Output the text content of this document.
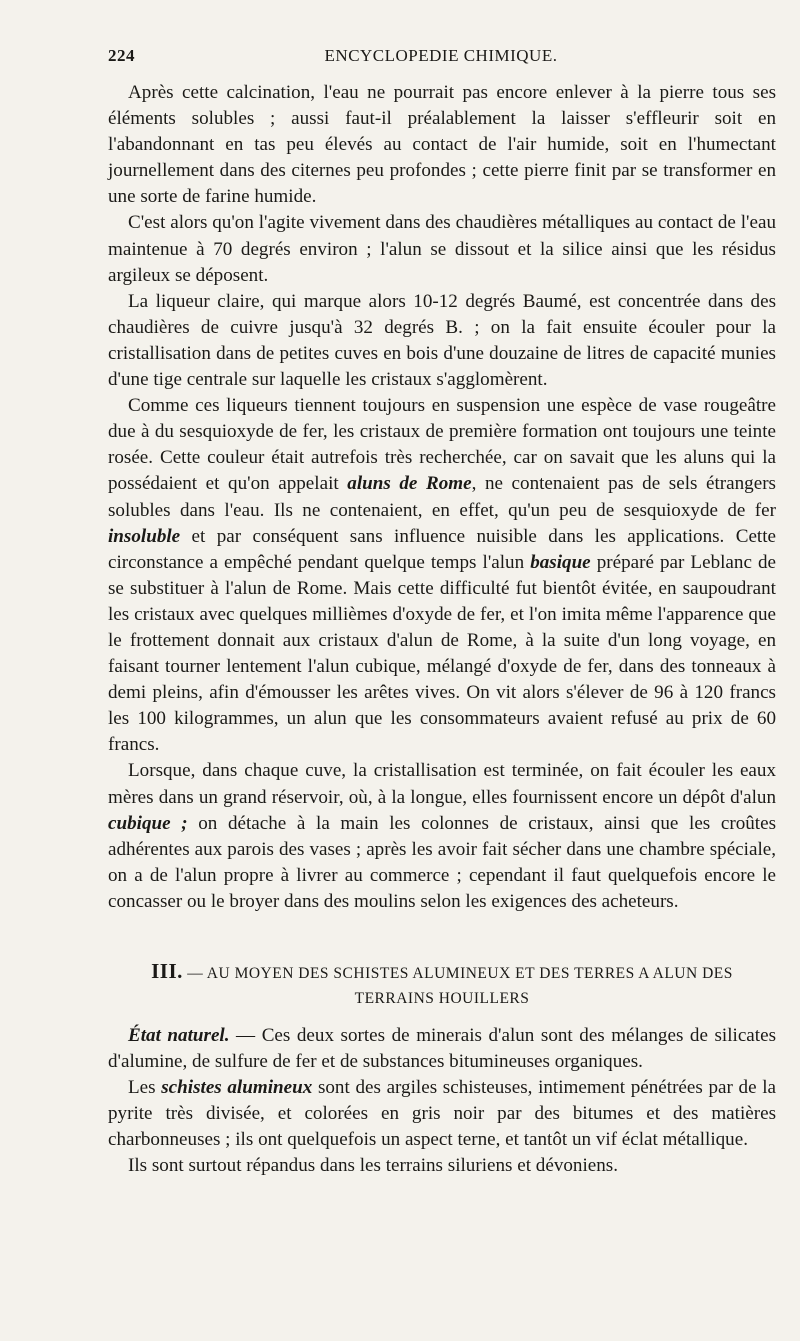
224	ENCYCLOPEDIE CHIMIQUE.

Après cette calcination, l'eau ne pourrait pas encore enlever à la pierre tous ses éléments solubles ; aussi faut-il préalablement la laisser s'effleurir soit en l'abandonnant en tas peu élevés au contact de l'air humide, soit en l'humectant journellement dans des citernes peu profondes ; cette pierre finit par se transformer en une sorte de farine humide.

C'est alors qu'on l'agite vivement dans des chaudières métalliques au contact de l'eau maintenue à 70 degrés environ ; l'alun se dissout et la silice ainsi que les résidus argileux se déposent.

La liqueur claire, qui marque alors 10-12 degrés Baumé, est concentrée dans des chaudières de cuivre jusqu'à 32 degrés B. ; on la fait ensuite écouler pour la cristallisation dans de petites cuves en bois d'une douzaine de litres de capacité munies d'une tige centrale sur laquelle les cristaux s'agglomèrent.

Comme ces liqueurs tiennent toujours en suspension une espèce de vase rougeâtre due à du sesquioxyde de fer, les cristaux de première formation ont toujours une teinte rosée. Cette couleur était autrefois très recherchée, car on savait que les aluns qui la possédaient et qu'on appelait aluns de Rome, ne contenaient pas de sels étrangers solubles dans l'eau. Ils ne contenaient, en effet, qu'un peu de sesquioxyde de fer insoluble et par conséquent sans influence nuisible dans les applications. Cette circonstance a empêché pendant quelque temps l'alun basique préparé par Leblanc de se substituer à l'alun de Rome. Mais cette difficulté fut bientôt évitée, en saupoudrant les cristaux avec quelques millièmes d'oxyde de fer, et l'on imita même l'apparence que le frottement donnait aux cristaux d'alun de Rome, à la suite d'un long voyage, en faisant tourner lentement l'alun cubique, mélangé d'oxyde de fer, dans des tonneaux à demi pleins, afin d'émousser les arêtes vives. On vit alors s'élever de 96 à 120 francs les 100 kilogrammes, un alun que les consommateurs avaient refusé au prix de 60 francs.

Lorsque, dans chaque cuve, la cristallisation est terminée, on fait écouler les eaux mères dans un grand réservoir, où, à la longue, elles fournissent encore un dépôt d'alun cubique ; on détache à la main les colonnes de cristaux, ainsi que les croûtes adhérentes aux parois des vases ; après les avoir fait sécher dans une chambre spéciale, on a de l'alun propre à livrer au commerce ; cependant il faut quelquefois encore le concasser ou le broyer dans des moulins selon les exigences des acheteurs.

III. — AU MOYEN DES SCHISTES ALUMINEUX ET DES TERRES A ALUN DES
TERRAINS HOUILLERS

État naturel. — Ces deux sortes de minerais d'alun sont des mélanges de silicates d'alumine, de sulfure de fer et de substances bitumineuses organiques.

Les schistes alumineux sont des argiles schisteuses, intimement pénétrées par de la pyrite très divisée, et colorées en gris noir par des bitumes et des matières charbonneuses ; ils ont quelquefois un aspect terne, et tantôt un vif éclat métallique.

Ils sont surtout répandus dans les terrains siluriens et dévoniens.
